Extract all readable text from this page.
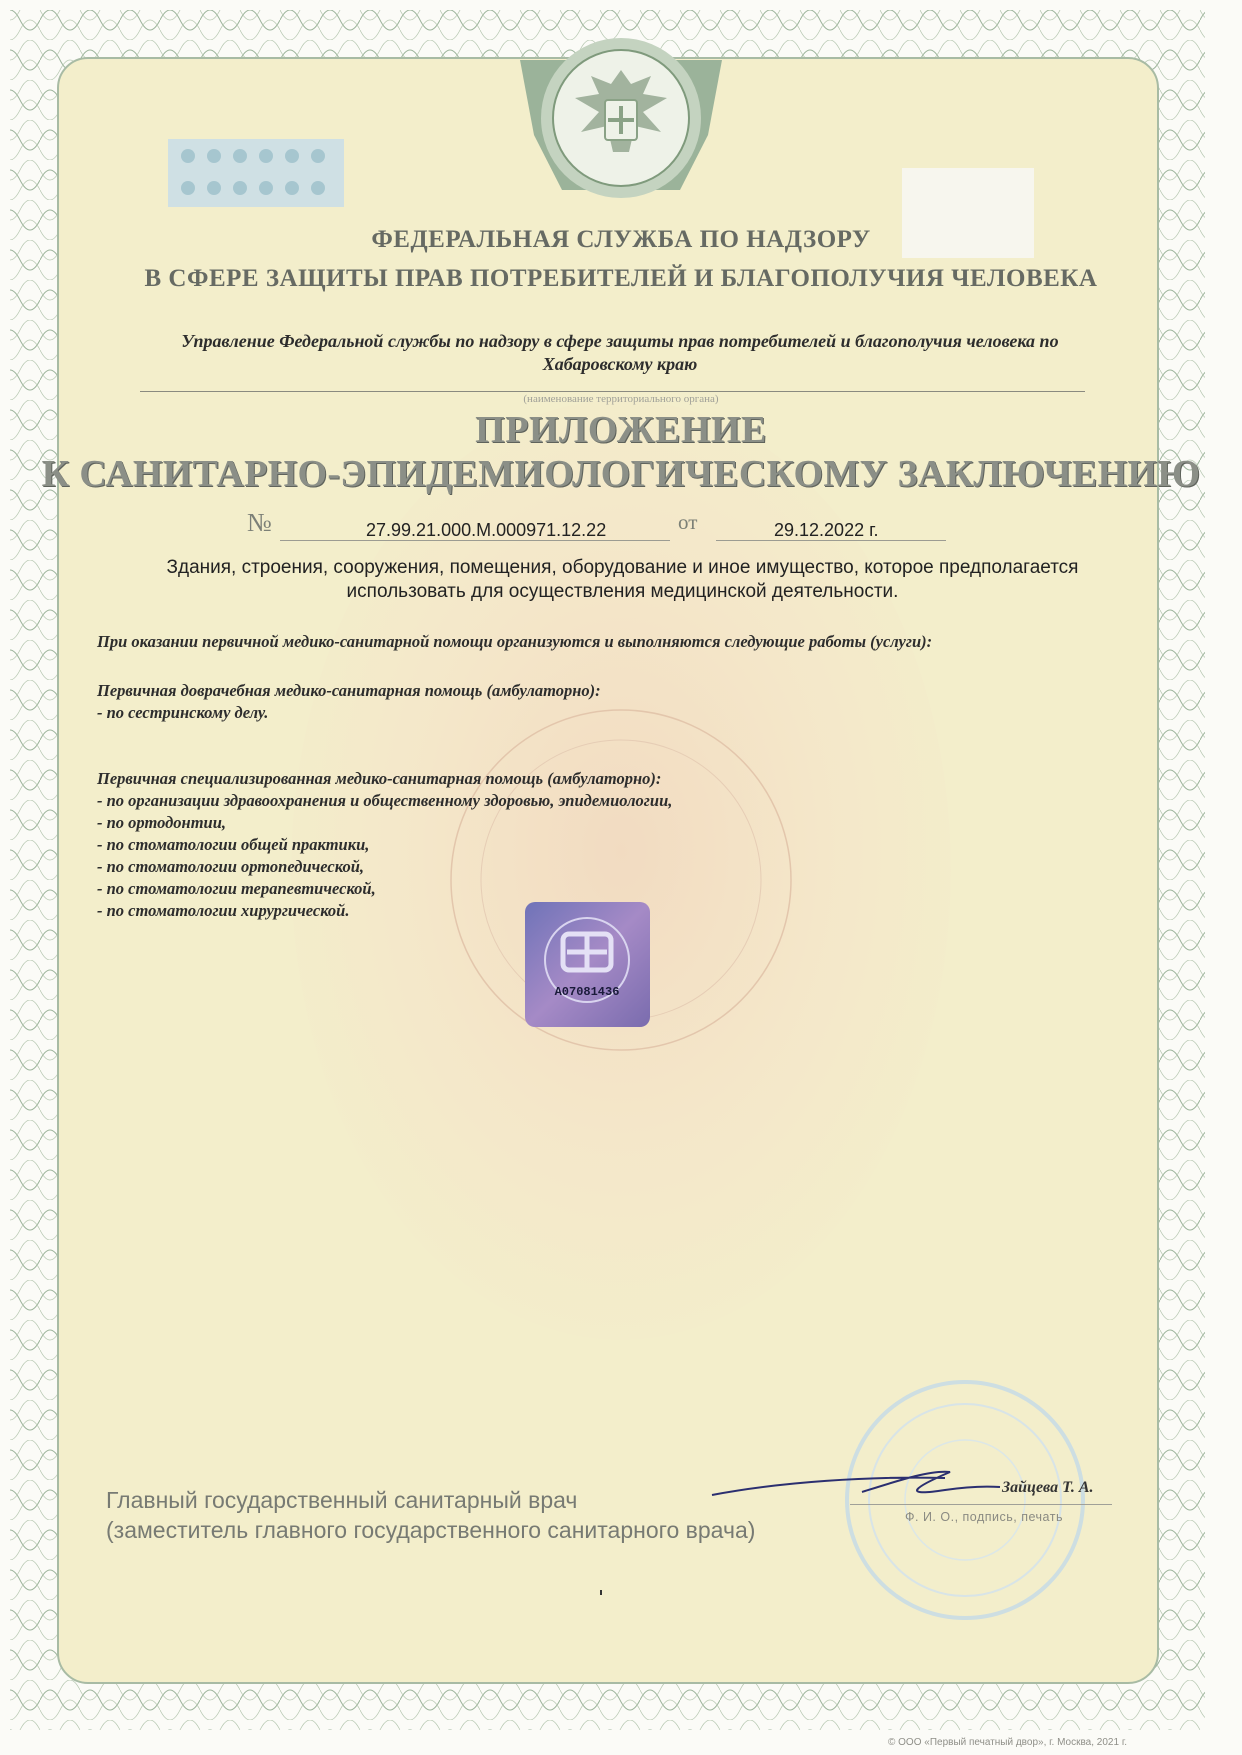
ФЕДЕРАЛЬНАЯ СЛУЖБА ПО НАДЗОРУ
В СФЕРЕ ЗАЩИТЫ ПРАВ ПОТРЕБИТЕЛЕЙ И БЛАГОПОЛУЧИЯ ЧЕЛОВЕКА
Управление Федеральной службы по надзору в сфере защиты прав потребителей и благополучия человека по
Хабаровскому краю
(наименование территориального органа)
ПРИЛОЖЕНИЕ
К САНИТАРНО-ЭПИДЕМИОЛОГИЧЕСКОМУ ЗАКЛЮЧЕНИЮ
№	27.99.21.000.М.000971.12.22	от	29.12.2022 г.
Здания, строения, сооружения, помещения, оборудование и иное имущество, которое предполагается
использовать для осуществления медицинской деятельности.
При оказании первичной медико-санитарной помощи организуются и выполняются следующие работы (услуги):
Первичная доврачебная медико-санитарная помощь (амбулаторно):
- по сестринскому делу.
Первичная специализированная медико-санитарная помощь (амбулаторно):
- по организации здравоохранения и общественному здоровью, эпидемиологии,
- по ортодонтии,
- по стоматологии общей практики,
- по стоматологии ортопедической,
- по стоматологии терапевтической,
- по стоматологии хирургической.
А07081436
Главный государственный санитарный врач
(заместитель главного государственного санитарного врача)
Зайцева Т. А.
Ф. И. О., подпись, печать
© ООО «Первый печатный двор», г. Москва, 2021 г.
